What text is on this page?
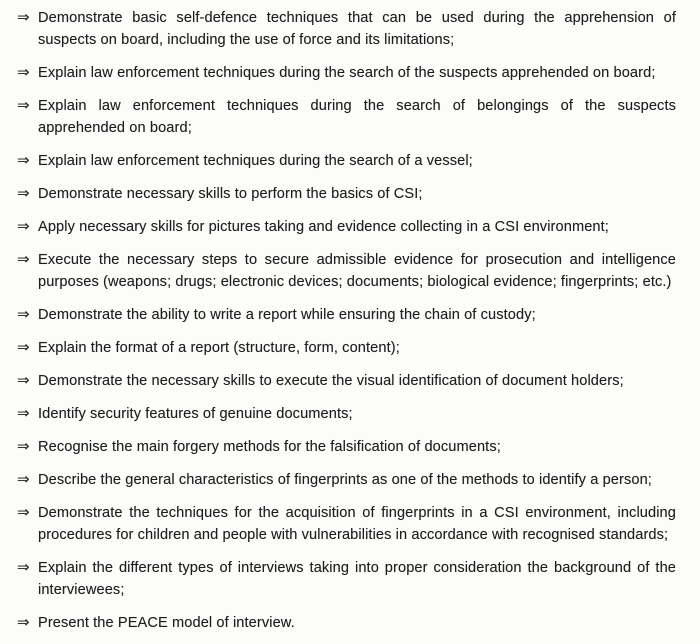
⇒ Demonstrate basic self-defence techniques that can be used during the apprehension of suspects on board, including the use of force and its limitations;
⇒ Explain law enforcement techniques during the search of the suspects apprehended on board;
⇒ Explain law enforcement techniques during the search of belongings of the suspects apprehended on board;
⇒ Explain law enforcement techniques during the search of a vessel;
⇒ Demonstrate necessary skills to perform the basics of CSI;
⇒ Apply necessary skills for pictures taking and evidence collecting in a CSI environment;
⇒ Execute the necessary steps to secure admissible evidence for prosecution and intelligence purposes (weapons; drugs; electronic devices; documents; biological evidence; fingerprints; etc.)
⇒ Demonstrate the ability to write a report while ensuring the chain of custody;
⇒ Explain the format of a report (structure, form, content);
⇒ Demonstrate the necessary skills to execute the visual identification of document holders;
⇒ Identify security features of genuine documents;
⇒ Recognise the main forgery methods for the falsification of documents;
⇒ Describe the general characteristics of fingerprints as one of the methods to identify a person;
⇒ Demonstrate the techniques for the acquisition of fingerprints in a CSI environment, including procedures for children and people with vulnerabilities in accordance with recognised standards;
⇒ Explain the different types of interviews taking into proper consideration the background of the interviewees;
⇒ Present the PEACE model of interview.
